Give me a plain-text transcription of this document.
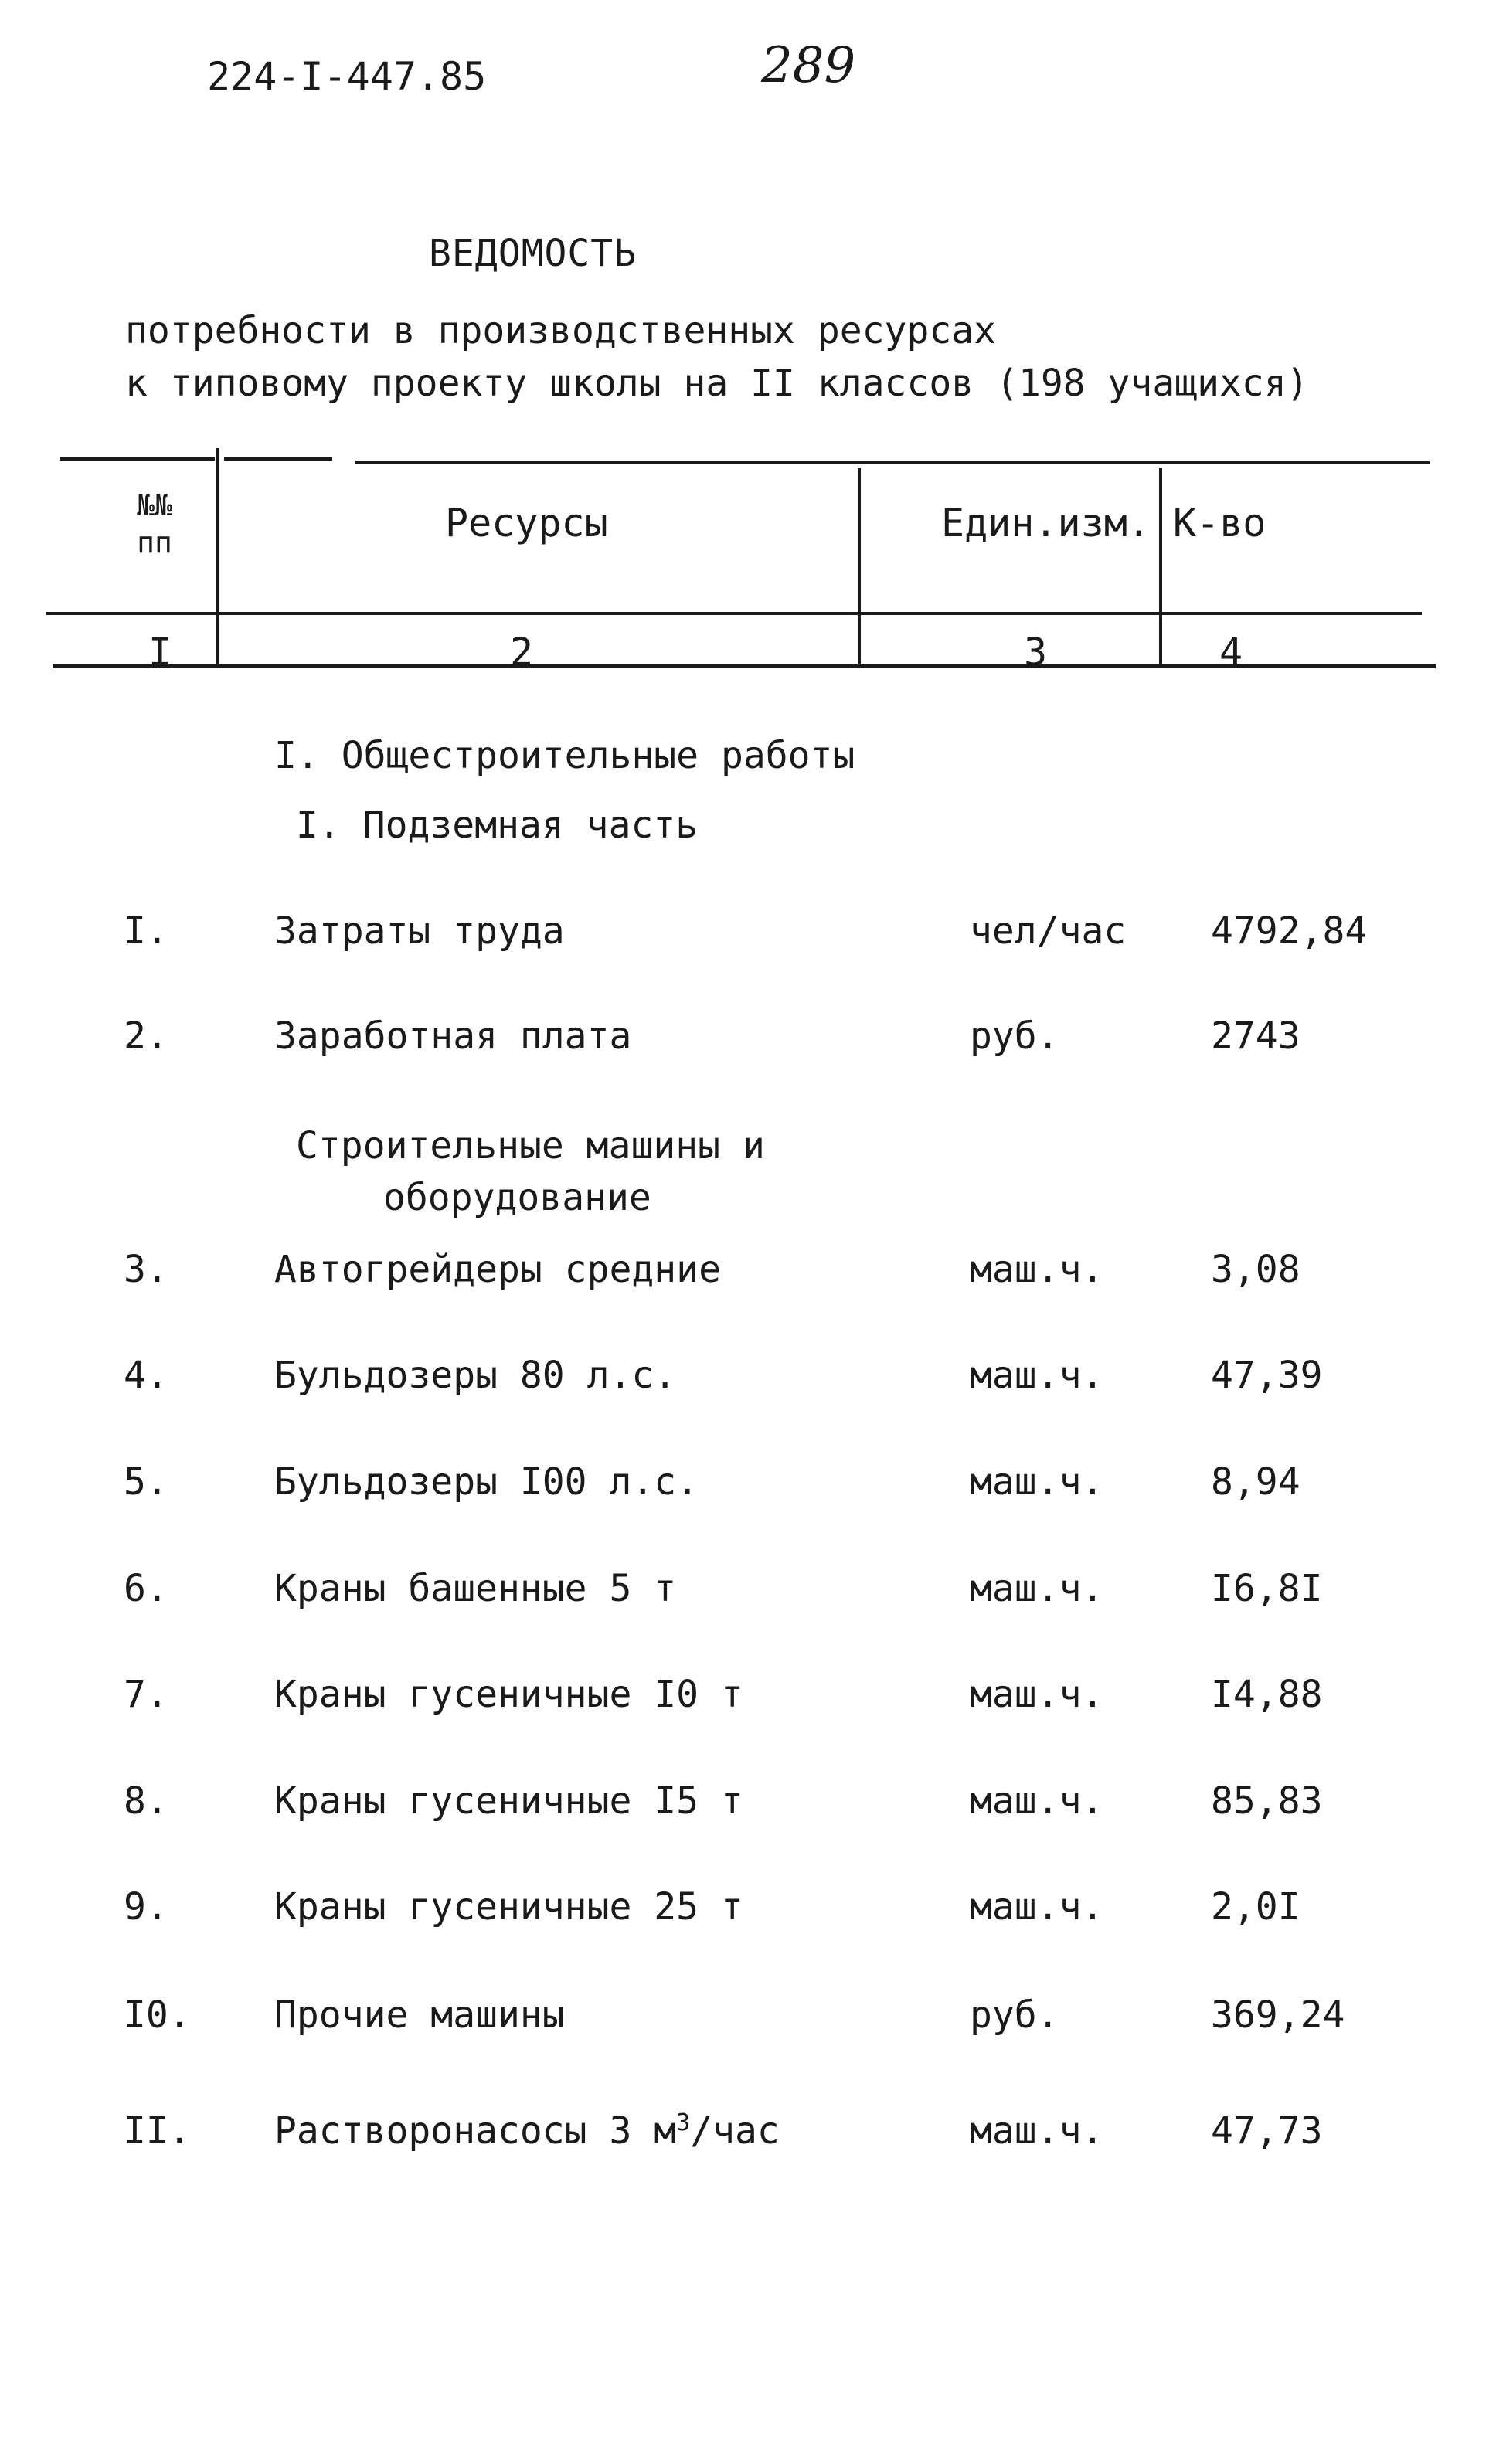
224-I-447.85	289
ВЕДОМОСТЬ
потребности в производственных ресурсах
к типовому проекту школы на II классов (198 учащихся)
№№
пп	Ресурсы	Един.изм. К-во
I	2	3	4
I. Общестроительные работы
I. Подземная часть
I.	Затраты труда	чел/час 4792,84
2.	Заработная плата	руб.	2743
Строительные машины и
оборудование
3.	Автогрейдеры средние	маш.ч.	3,08
4.	Бульдозеры 80 л.с.	маш.ч.	47,39
5.	Бульдозеры I00 л.с.	маш.ч.	8,94
6.	Краны башенные 5 т	маш.ч.	I6,8I
7.	Краны гусеничные I0 т	маш.ч.	I4,88
8.	Краны гусеничные I5 т	маш.ч.	85,83
9.	Краны гусеничные 25 т	маш.ч.	2,0I
I0. Прочие машины	руб.	369,24
II. Растворонасосы 3 $м^3$/час	маш.ч.	47,73
